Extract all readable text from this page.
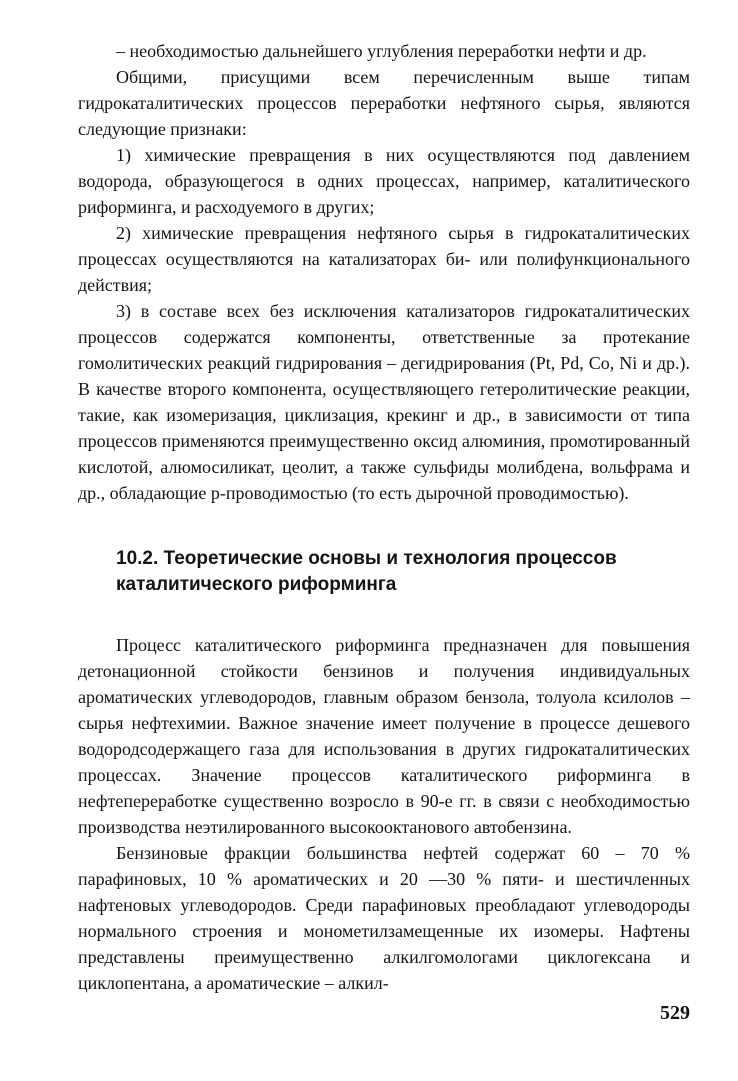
– необходимостью дальнейшего углубления переработки нефти и др.

Общими, присущими всем перечисленным выше типам гидрокаталитических процессов переработки нефтяного сырья, являются следующие признаки:

1) химические превращения в них осуществляются под давлением водорода, образующегося в одних процессах, например, каталитического риформинга, и расходуемого в других;

2) химические превращения нефтяного сырья в гидрокаталитических процессах осуществляются на катализаторах би- или полифункционального действия;

3) в составе всех без исключения катализаторов гидрокаталитических процессов содержатся компоненты, ответственные за протекание гомолитических реакций гидрирования – дегидрирования (Pt, Pd, Co, Ni и др.). В качестве второго компонента, осуществляющего гетеролитические реакции, такие, как изомеризация, циклизация, крекинг и др., в зависимости от типа процессов применяются преимущественно оксид алюминия, промотированный кислотой, алюмосиликат, цеолит, а также сульфиды молибдена, вольфрама и др., обладающие p-проводимостью (то есть дырочной проводимостью).

10.2. Теоретические основы и технология процессов каталитического риформинга

Процесс каталитического риформинга предназначен для повышения детонационной стойкости бензинов и получения индивидуальных ароматических углеводородов, главным образом бензола, толуола ксилолов – сырья нефтехимии. Важное значение имеет получение в процессе дешевого водородсодержащего газа для использования в других гидрокаталитических процессах. Значение процессов каталитического риформинга в нефтепереработке существенно возросло в 90-е гг. в связи с необходимостью производства неэтилированного высокооктанового автобензина.

Бензиновые фракции большинства нефтей содержат 60 – 70 % парафиновых, 10 % ароматических и 20 —30 % пяти- и шестичленных нафтеновых углеводородов. Среди парафиновых преобладают углеводороды нормального строения и монометилзамещенные их изомеры. Нафтены представлены преимущественно алкилгомологами циклогексана и циклопентана, а ароматические – алкил-

529
